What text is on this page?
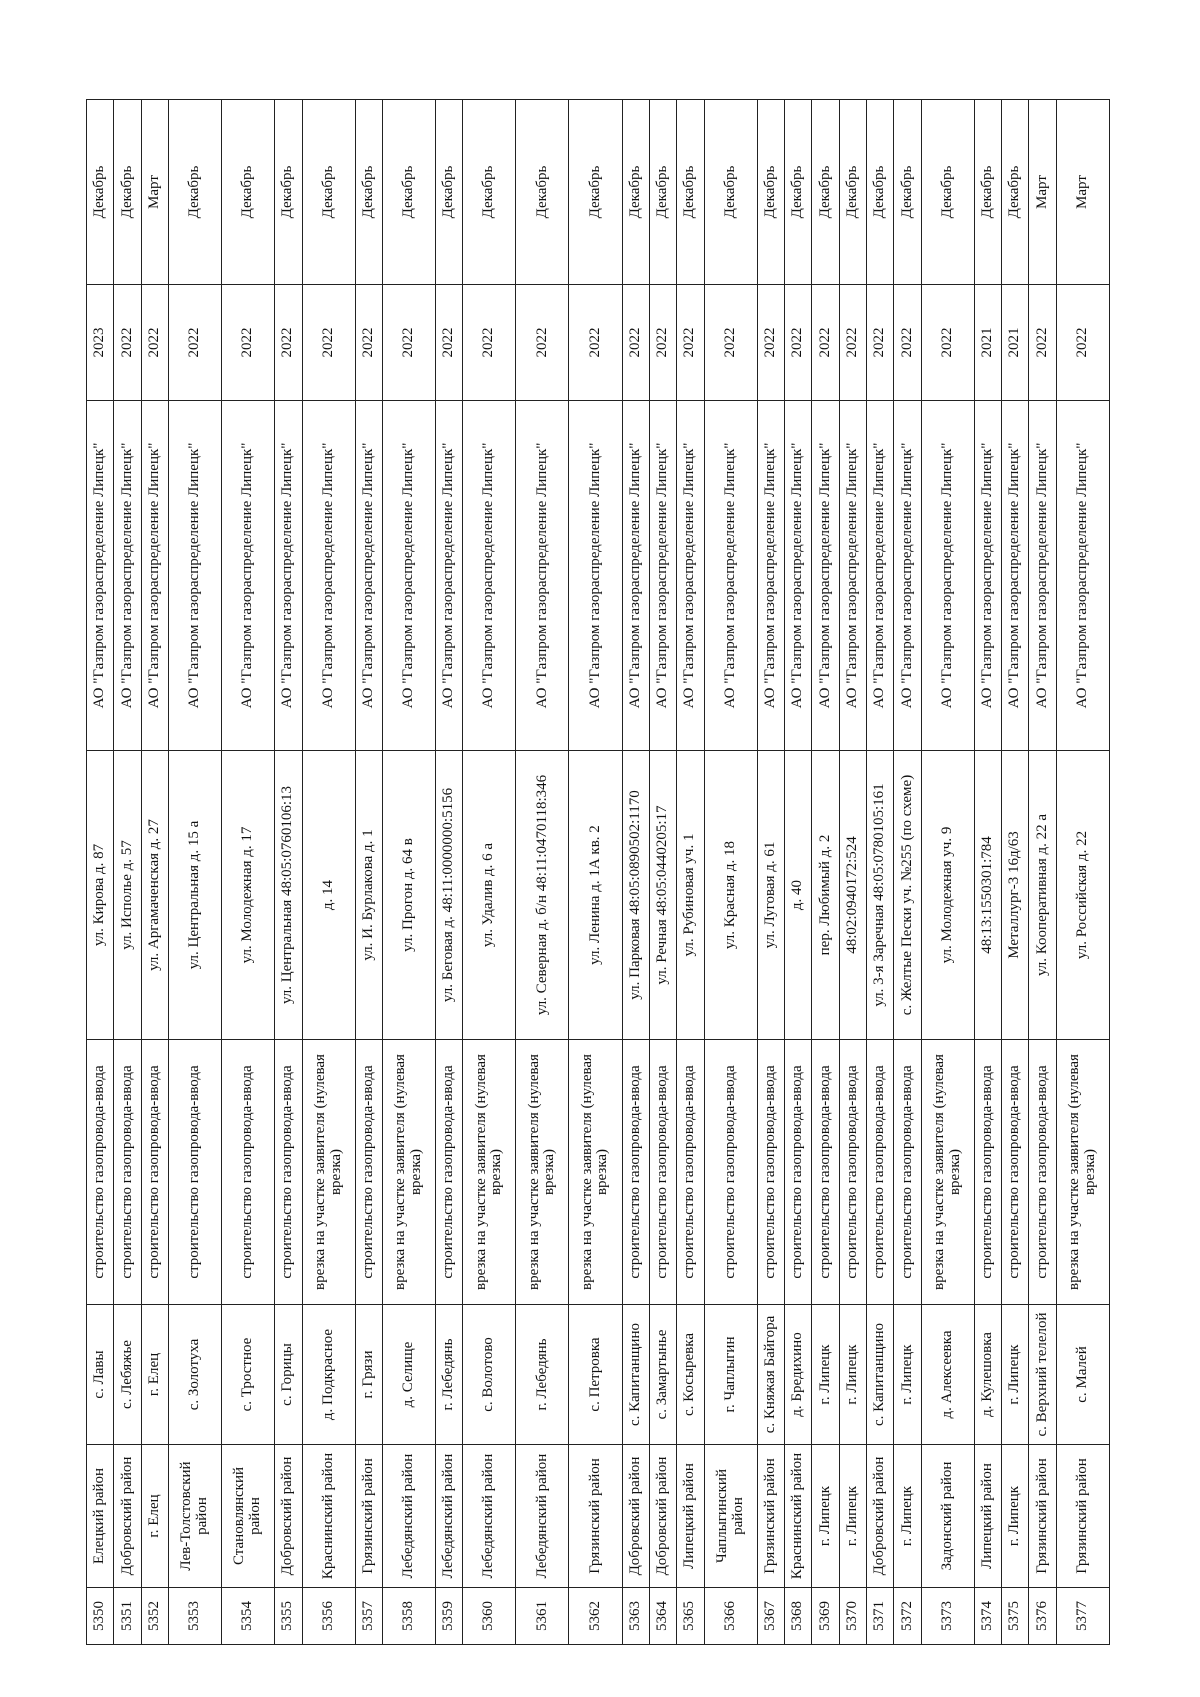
5350	Елецкий район	с. Лавы	строительство газопровода-ввода	ул. Кирова д. 87	АО "Газпром газораспределение Липецк"	2023	Декабрь
5351	Добровский район	с. Лебяжье	строительство газопровода-ввода	ул. Исполье д. 57	АО "Газпром газораспределение Липецк"	2022	Декабрь
5352	г. Елец	г. Елец	строительство газопровода-ввода	ул. Аргамаченская д. 27	АО "Газпром газораспределение Липецк"	2022	Март
5353	Лев-Толстовский район	с. Золотуха	строительство газопровода-ввода	ул. Центральная д. 15 а	АО "Газпром газораспределение Липецк"	2022	Декабрь
5354	Становлянский район	с. Тростное	строительство газопровода-ввода	ул. Молодежная д. 17	АО "Газпром газораспределение Липецк"	2022	Декабрь
5355	Добровский район	с. Горицы	строительство газопровода-ввода	ул. Центральная 48:05:0760106:13	АО "Газпром газораспределение Липецк"	2022	Декабрь
5356	Краснинский район	д. Подкрасное	врезка на участке заявителя (нулевая врезка)	д. 14	АО "Газпром газораспределение Липецк"	2022	Декабрь
5357	Грязинский район	г. Грязи	строительство газопровода-ввода	ул. И. Бурлакова д. 1	АО "Газпром газораспределение Липецк"	2022	Декабрь
5358	Лебедянский район	д. Селище	врезка на участке заявителя (нулевая врезка)	ул. Прогон д. 64 в	АО "Газпром газораспределение Липецк"	2022	Декабрь
5359	Лебедянский район	г. Лебедянь	строительство газопровода-ввода	ул. Беговая д. 48:11:0000000:5156	АО "Газпром газораспределение Липецк"	2022	Декабрь
5360	Лебедянский район	с. Волотово	врезка на участке заявителя (нулевая врезка)	ул. Удалив д. 6 а	АО "Газпром газораспределение Липецк"	2022	Декабрь
5361	Лебедянский район	г. Лебедянь	врезка на участке заявителя (нулевая врезка)	ул. Северная д. б/н 48:11:0470118:346	АО "Газпром газораспределение Липецк"	2022	Декабрь
5362	Грязинский район	с. Петровка	врезка на участке заявителя (нулевая врезка)	ул. Ленина д. 1А кв. 2	АО "Газпром газораспределение Липецк"	2022	Декабрь
5363	Добровский район	с. Капитанщино	строительство газопровода-ввода	ул. Парковая 48:05:0890502:1170	АО "Газпром газораспределение Липецк"	2022	Декабрь
5364	Добровский район	с. Замартынье	строительство газопровода-ввода	ул. Речная 48:05:0440205:17	АО "Газпром газораспределение Липецк"	2022	Декабрь
5365	Липецкий район	с. Косыревка	строительство газопровода-ввода	ул. Рубиновая уч. 1	АО "Газпром газораспределение Липецк"	2022	Декабрь
5366	Чаплыгинский район	г. Чаплыгин	строительство газопровода-ввода	ул. Красная д. 18	АО "Газпром газораспределение Липецк"	2022	Декабрь
5367	Грязинский район	с. Княжая Байгора	строительство газопровода-ввода	ул. Луговая д. 61	АО "Газпром газораспределение Липецк"	2022	Декабрь
5368	Краснинский район	д. Бредихино	строительство газопровода-ввода	д. 40	АО "Газпром газораспределение Липецк"	2022	Декабрь
5369	г. Липецк	г. Липецк	строительство газопровода-ввода	пер. Любимый д. 2	АО "Газпром газораспределение Липецк"	2022	Декабрь
5370	г. Липецк	г. Липецк	строительство газопровода-ввода	48:02:0940172:524	АО "Газпром газораспределение Липецк"	2022	Декабрь
5371	Добровский район	с. Капитанщино	строительство газопровода-ввода	ул. 3-я Заречная 48:05:0780105:161	АО "Газпром газораспределение Липецк"	2022	Декабрь
5372	г. Липецк	г. Липецк	строительство газопровода-ввода	с. Желтые Пески уч. №255 (по схеме)	АО "Газпром газораспределение Липецк"	2022	Декабрь
5373	Задонский район	д. Алексеевка	врезка на участке заявителя (нулевая врезка)	ул. Молодежная уч. 9	АО "Газпром газораспределение Липецк"	2022	Декабрь
5374	Липецкий район	д. Кулешовка	строительство газопровода-ввода	48:13:1550301:784	АО "Газпром газораспределение Липецк"	2021	Декабрь
5375	г. Липецк	г. Липецк	строительство газопровода-ввода	Металлург-3 16д/63	АО "Газпром газораспределение Липецк"	2021	Декабрь
5376	Грязинский район	с. Верхний телелой	строительство газопровода-ввода	ул. Кооперативная д. 22 а	АО "Газпром газораспределение Липецк"	2022	Март
5377	Грязинский район	с. Малей	врезка на участке заявителя (нулевая врезка)	ул. Российская д. 22	АО "Газпром газораспределение Липецк"	2022	Март
